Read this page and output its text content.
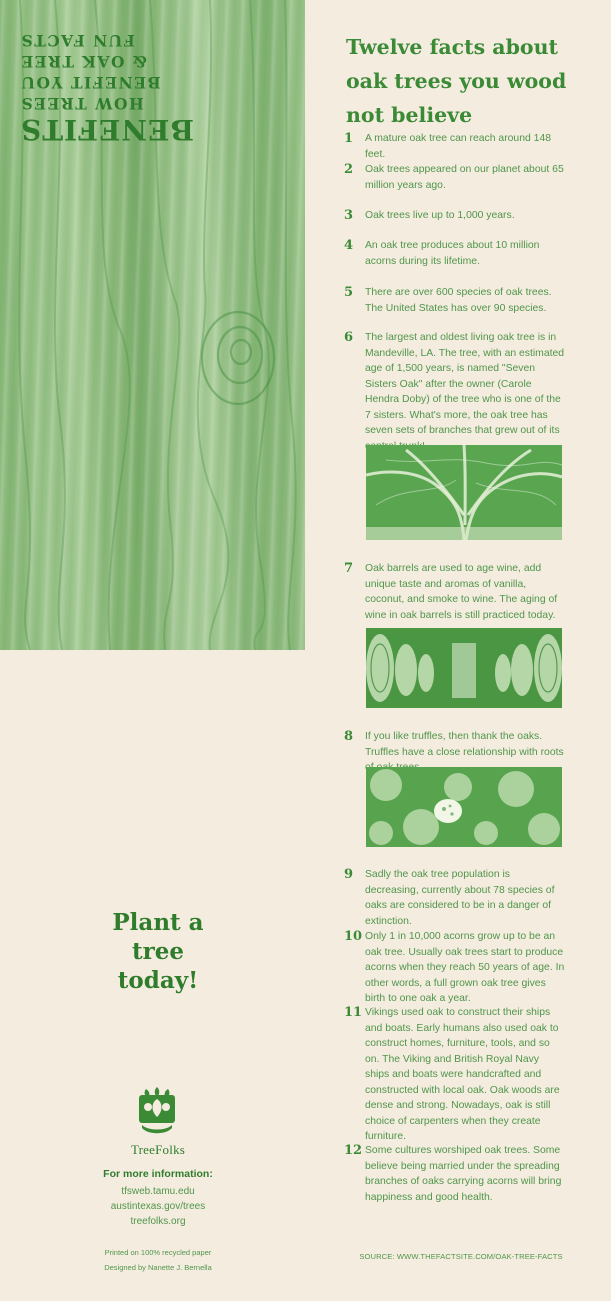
BENEFITS
HOW TREES
BENEFIT YOU
& OAK TREE
FUN FACTS	Twelve facts about oak trees you wood not believe
1 A mature oak tree can reach around 148 feet.
2 Oak trees appeared on our planet about 65 million years ago.
3 Oak trees live up to 1,000 years.
4 An oak tree produces about 10 million acorns during its lifetime.
5 There are over 600 species of oak trees. The United States has over 90 species.
6 The largest and oldest living oak tree is in Mandeville, LA. The tree, with an estimated age of 1,500 years, is named "Seven Sisters Oak" after the owner (Carole Hendra Doby) of the tree who is one of the 7 sisters. What's more, the oak tree has seven sets of branches that grew out of its
7 Oak barrels are used to age wine, add unique taste and aromas of vanilla, coconut, and smoke to wine. The aging of wine in oak barrels is still practiced today.
8 If you like truffles, then thank the oaks. Truffles have a close relationship with roots
9 Sadly the oak tree population is decreasing, currently about 78 species of oaks are considered to be in a danger of extinction.
10 Only 1 in 10,000 acorns grow up to be an oak tree. Usually oak trees start to produce acorns when they reach 50 years of age. In other words, a full grown oak tree gives birth to one oak a year.
11 Vikings used oak to construct their ships and boats. Early humans also used oak to construct homes, furniture, tools, and so on. The Viking and British Royal Navy ships and boats were handcrafted and constructed with local oak. Oak woods are dense and strong. Nowadays, oak is still choice of carpenters when they create furniture.
12 Some cultures worshiped oak trees. Some believe being married under the spreading branches of oaks carrying acorns will bring happiness and good health.
Plant a tree today!
TreeFolks
For more information:
tfsweb.tamu.edu
austintexas.gov/trees
treefolks.org
Printed on 100% recycled paper
Designed by Nanette J. Bernella
SOURCE: WWW.THEFACTSITE.COM/OAK-TREE-FACTS
